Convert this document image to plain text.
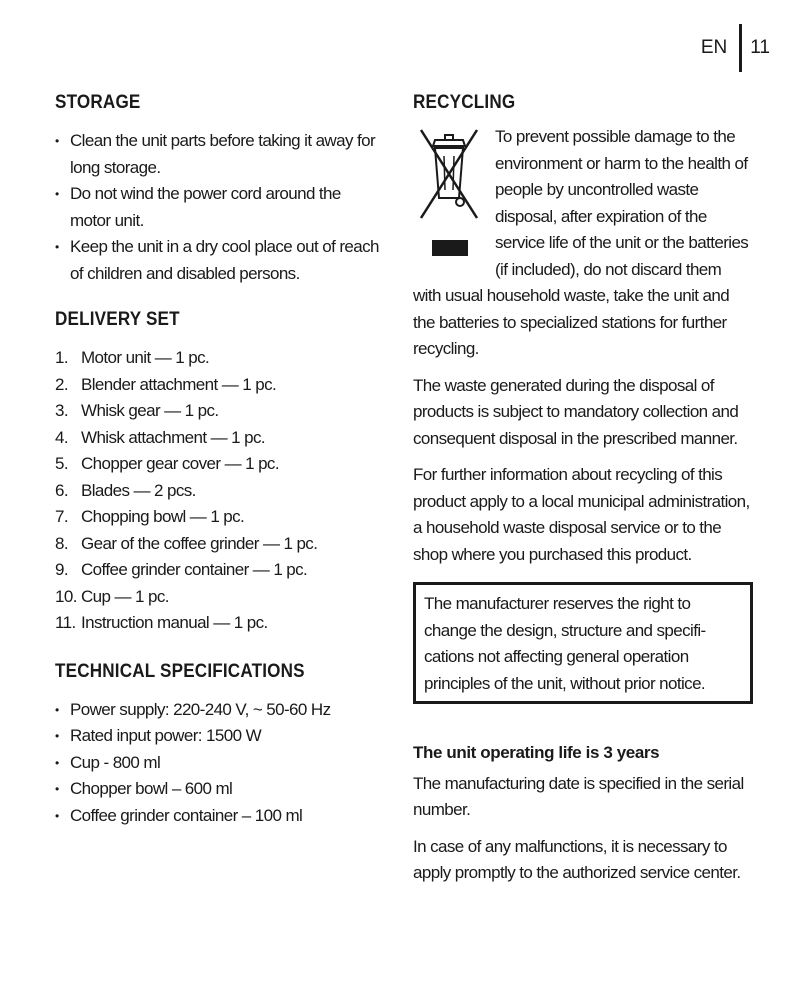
EN 11
STORAGE
• Clean the unit parts before taking it away for long storage.
• Do not wind the power cord around the motor unit.
• Keep the unit in a dry cool place out of reach of children and disabled persons.
DELIVERY SET
1. Motor unit — 1 pc.
2. Blender attachment — 1 pc.
3. Whisk gear — 1 pc.
4. Whisk attachment — 1 pc.
5. Chopper gear cover — 1 pc.
6. Blades — 2 pcs.
7. Chopping bowl — 1 pc.
8. Gear of the coffee grinder — 1 pc.
9. Coffee grinder container — 1 pc.
10. Cup — 1 pc.
11. Instruction manual — 1 pc.
TECHNICAL SPECIFICATIONS
• Power supply: 220-240 V, ~ 50-60 Hz
• Rated input power: 1500 W
• Cup - 800 ml
• Chopper bowl – 600 ml
• Coffee grinder container – 100 ml
RECYCLING

To prevent possible damage to the environment or harm to the health of people by uncontrolled waste disposal, after expiration of the service life of the unit or the batteries (if included), do not discard them with usual household waste, take the unit and the batteries to specialized stations for further recycling.

The waste generated during the disposal of products is subject to mandatory collection and consequent disposal in the prescribed manner.

For further information about recycling of this product apply to a local municipal administration, a household waste disposal service or to the shop where you purchased this product.

The manufacturer reserves the right to change the design, structure and specifi-cations not affecting general operation principles of the unit, without prior notice.

The unit operating life is 3 years

The manufacturing date is specified in the serial number.

In case of any malfunctions, it is necessary to apply promptly to the authorized service center.
